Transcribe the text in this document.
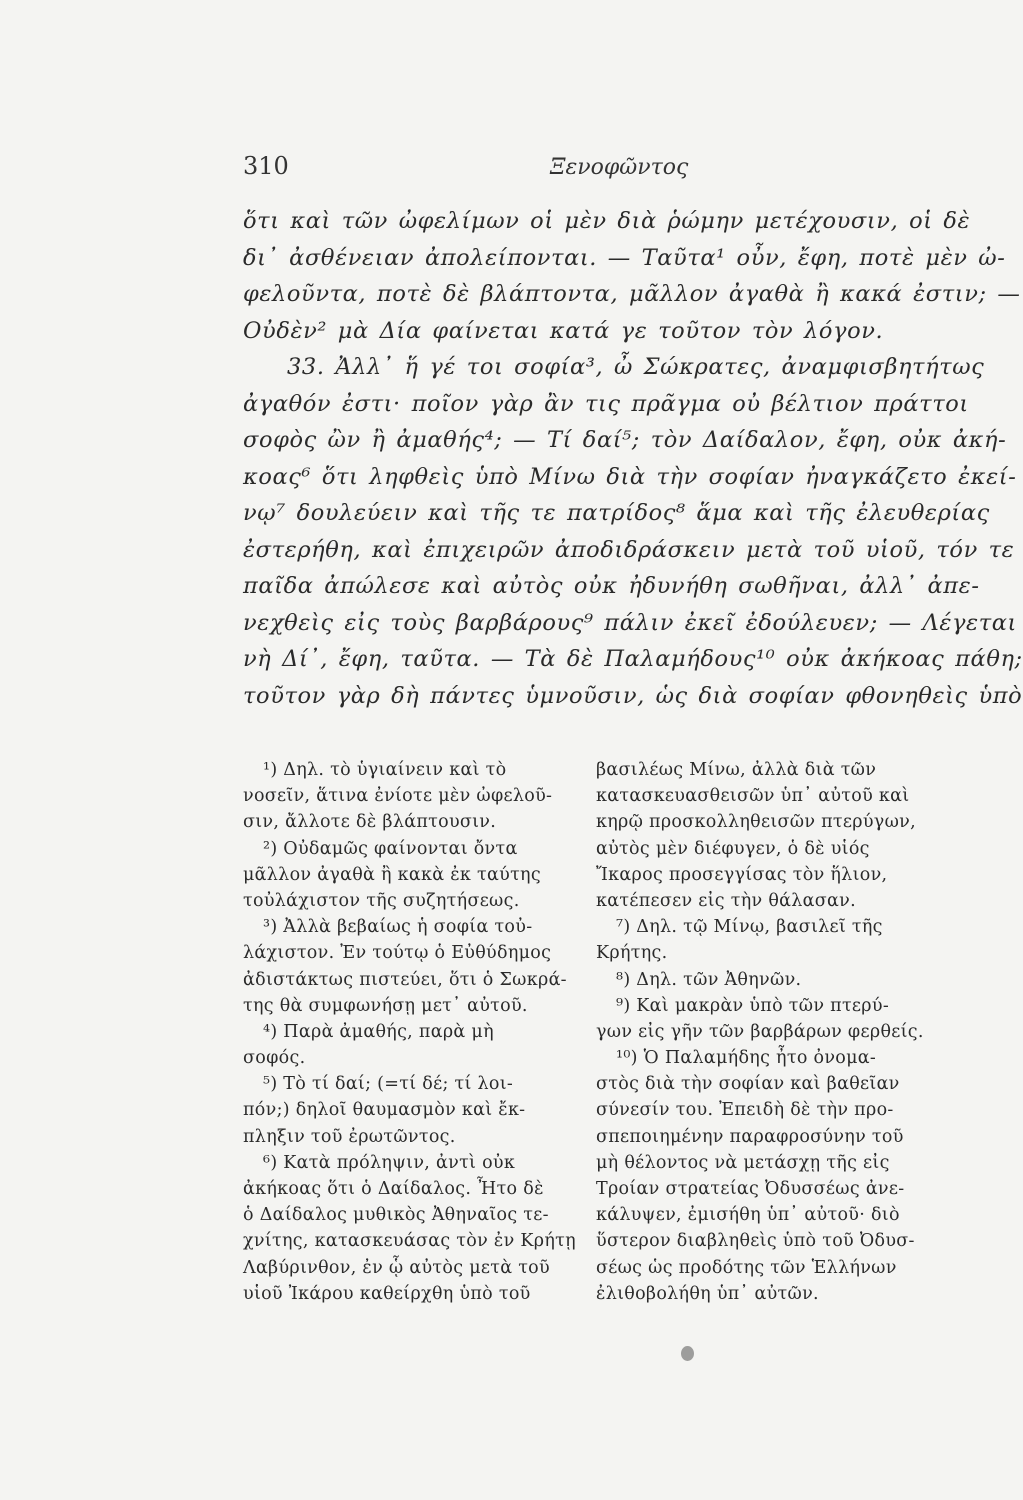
310	Ξενοφῶντος
ὅτι καὶ τῶν ὠφελίμων οἱ μὲν διὰ ῥώμην μετέχουσιν, οἱ δὲ
δι᾽ ἀσθένειαν ἀπολείπονται. — Ταῦτα¹ οὖν, ἔφη, ποτὲ μὲν ὠ-
φελοῦντα, ποτὲ δὲ βλάπτοντα, μᾶλλον ἀγαθὰ ἢ κακά ἐστιν; —
Οὐδὲν² μὰ Δία φαίνεται κατά γε τοῦτον τὸν λόγον.
33. Ἀλλ᾽ ἥ γέ τοι σοφία³, ὦ Σώκρατες, ἀναμφισβητήτως
ἀγαθόν ἐστι· ποῖον γὰρ ἂν τις πρᾶγμα οὐ βέλτιον πράττοι
σοφὸς ὢν ἢ ἀμαθής⁴; — Τί δαί⁵; τὸν Δαίδαλον, ἔφη, οὐκ ἀκή-
κοας⁶ ὅτι ληφθεὶς ὑπὸ Μίνω διὰ τὴν σοφίαν ἠναγκάζετο ἐκεί-
νῳ⁷ δουλεύειν καὶ τῆς τε πατρίδος⁸ ἅμα καὶ τῆς ἐλευθερίας
ἐστερήθη, καὶ ἐπιχειρῶν ἀποδιδράσκειν μετὰ τοῦ υἱοῦ, τόν τε
παῖδα ἀπώλεσε καὶ αὐτὸς οὐκ ἠδυνήθη σωθῆναι, ἀλλ᾽ ἀπε-
νεχθεὶς εἰς τοὺς βαρβάρους⁹ πάλιν ἐκεῖ ἐδούλευεν; — Λέγεται
νὴ Δί᾽, ἔφη, ταῦτα. — Τὰ δὲ Παλαμήδους¹⁰ οὐκ ἀκήκοας πάθη;
τοῦτον γὰρ δὴ πάντες ὑμνοῦσιν, ὡς διὰ σοφίαν φθονηθεὶς ὑπὸ
¹) Δηλ. τὸ ὑγιαίνειν καὶ τὸ
νοσεῖν, ἅτινα ἐνίοτε μὲν ὠφελοῦ-
σιν, ἄλλοτε δὲ βλάπτουσιν.
²) Οὐδαμῶς φαίνονται ὄντα
μᾶλλον ἀγαθὰ ἢ κακὰ ἐκ ταύτης
τοὐλάχιστον τῆς συζητήσεως.
³) Ἀλλὰ βεβαίως ἡ σοφία τοὐ-
λάχιστον. Ἐν τούτῳ ὁ Εὐθύδημος
ἀδιστάκτως πιστεύει, ὅτι ὁ Σωκρά-
της θὰ συμφωνήσῃ μετ᾽ αὐτοῦ.
⁴) Παρὰ ἀμαθής, παρὰ μὴ
σοφός.
⁵) Τὸ τί δαί; (=τί δέ; τί λοι-
πόν;) δηλοῖ θαυμασμὸν καὶ ἔκ-
πληξιν τοῦ ἐρωτῶντος.
⁶) Κατὰ πρόληψιν, ἀντὶ οὐκ
ἀκήκοας ὅτι ὁ Δαίδαλος. Ἦτο δὲ
ὁ Δαίδαλος μυθικὸς Ἀθηναῖος τε-
χνίτης, κατασκευάσας τὸν ἐν Κρήτῃ
Λαβύρινθον, ἐν ᾧ αὐτὸς μετὰ τοῦ
υἱοῦ Ἰκάρου καθείρχθη ὑπὸ τοῦ
βασιλέως Μίνω, ἀλλὰ διὰ τῶν
κατασκευασθεισῶν ὑπ᾽ αὐτοῦ καὶ
κηρῷ προσκολληθεισῶν πτερύγων,
αὐτὸς μὲν διέφυγεν, ὁ δὲ υἱός
Ἴκαρος προσεγγίσας τὸν ἥλιον,
κατέπεσεν εἰς τὴν θάλασαν.
⁷) Δηλ. τῷ Μίνῳ, βασιλεῖ τῆς
Κρήτης.
⁸) Δηλ. τῶν Ἀθηνῶν.
⁹) Καὶ μακρὰν ὑπὸ τῶν πτερύ-
γων εἰς γῆν τῶν βαρβάρων φερθείς.
¹⁰) Ὁ Παλαμήδης ἦτο ὀνομα-
στὸς διὰ τὴν σοφίαν καὶ βαθεῖαν
σύνεσίν του. Ἐπειδὴ δὲ τὴν προ-
σπεποιημένην παραφροσύνην τοῦ
μὴ θέλοντος νὰ μετάσχῃ τῆς εἰς
Τροίαν στρατείας Ὀδυσσέως ἀνε-
κάλυψεν, ἐμισήθη ὑπ᾽ αὐτοῦ· διὸ
ὕστερον διαβληθεὶς ὑπὸ τοῦ Ὀδυσ-
σέως ὡς προδότης τῶν Ἑλλήνων
ἐλιθοβολήθη ὑπ᾽ αὐτῶν.
